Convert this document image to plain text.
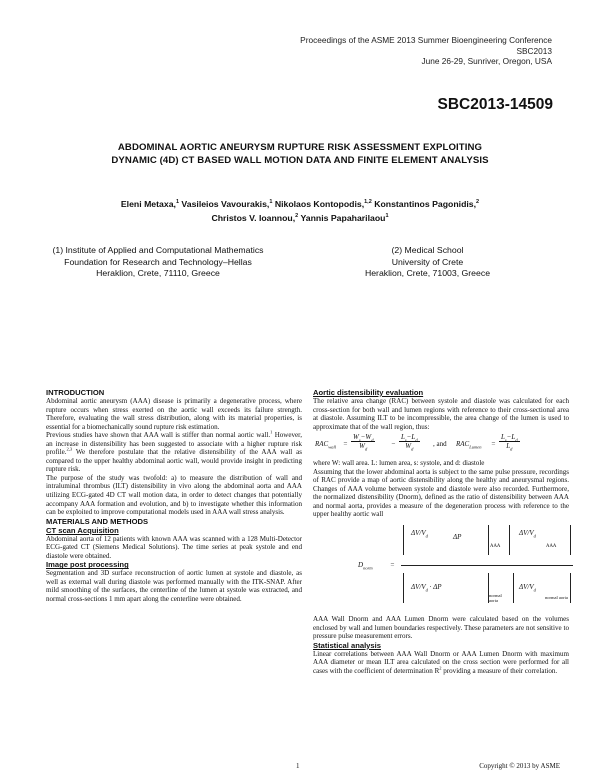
Proceedings of the ASME 2013 Summer Bioengineering Conference
SBC2013
June 26-29, Sunriver, Oregon, USA
SBC2013-14509
ABDOMINAL AORTIC ANEURYSM RUPTURE RISK ASSESSMENT EXPLOITING
DYNAMIC (4D) CT BASED WALL MOTION DATA AND FINITE ELEMENT ANALYSIS
Eleni Metaxa,$^1$ Vasileios Vavourakis,$^1$ Nikolaos Kontopodis,$^{1,2}$ Konstantinos Pagonidis,$^2$
Christos V. Ioannou,$^2$ Yannis Papaharilaou$^1$
(1) Institute of Applied and Computational Mathematics
Foundation for Research and Technology–Hellas
Heraklion, Crete, 71110, Greece
(2) Medical School
University of Crete
Heraklion, Crete, 71003, Greece
INTRODUCTION

Abdominal aortic aneurysm (AAA) disease is primarily a degenerative process, where rupture occurs when stress exerted on the aortic wall exceeds its failure strength. Therefore, evaluating the wall stress distribution, along with its material properties, is essential for a biomechanically sound rupture risk estimation.

Previous studies have shown that AAA wall is stiffer than normal aortic wall.$^1$ However, an increase in distensibility has been suggested to associate with a higher rupture risk profile.$^{2,3}$ We therefore postulate that the relative distensibility of the AAA wall as compared to the upper healthy abdominal aortic wall, would provide insight in predicting rupture risk.

The purpose of the study was twofold: a) to measure the distribution of wall and intraluminal thrombus (ILT) distensibility in vivo along the abdominal aorta and AAA utilizing ECG-gated 4D CT wall motion data, in order to detect changes that potentially accompany AAA formation and evolution, and b) to investigate whether this information can be exploited to improve computational models used in AAA wall stress analysis.

MATERIALS AND METHODS
CT scan Acquisition

Abdominal aorta of 12 patients with known AAA was scanned with a 128 Multi-Detector ECG-gated CT (Siemens Medical Solutions). The time series at peak systole and end diastole were obtained.

Image post processing

Segmentation and 3D surface reconstruction of aortic lumen at systole and diastole, as well as external wall during diastole was performed manually with the ITK-SNAP. After mild smoothing of the surfaces, the centerline of the lumen at systole was extracted, and normal cross-sections 1 mm apart along the centerline were obtained.

Aortic distensibility evaluation

The relative area change (RAC) between systole and diastole was calculated for each cross-section for both wall and lumen regions with reference to their cross-sectional area at diastole. Assuming ILT to be incompressible, the area change of the lumen is used to approximate that of the wall region, thus:

$RAC_{wall} = \frac{W_s-W_d}{W_d} - \frac{L_s-L_d}{W_d}$ , and $RAC_{Lumen} = \frac{L_s-L_d}{L_d}$

where W: wall area. L: lumen area, s: systole, and d: diastole

Assuming that the lower abdominal aorta is subject to the same pulse pressure, recordings of RAC provide a map of aortic distensibility along the healthy and aneurysmal regions. Changes of AAA volume between systole and diastole were also recorded. Furthermore, the normalized distensibility (Dnorm), defined as the ratio of distensibility between AAA and normal aorta, provides a measure of the degeneration process with reference to the upper healthy aortic wall

$D_{norm}$ =
$\Delta V/V_d$	ΔP
AAA
$\Delta V/V_d$
AAA
$\Delta V/V_d \cdot \Delta P$
normal aorta
$\Delta V/V_d$
normal aorta

AAA Wall Dnorm and AAA Lumen Dnorm were calculated based on the volumes enclosed by wall and lumen boundaries respectively. These parameters are not sensitive to pressure pulse measurement errors.

Statistical analysis

Linear correlations between AAA Wall Dnorm or AAA Lumen Dnorm with maximum AAA diameter or mean ILT area calculated on the cross section were performed for all cases with the coefficient of determination $R^2$ providing a measure of their correlation.

1	Copyright © 2013 by ASME
